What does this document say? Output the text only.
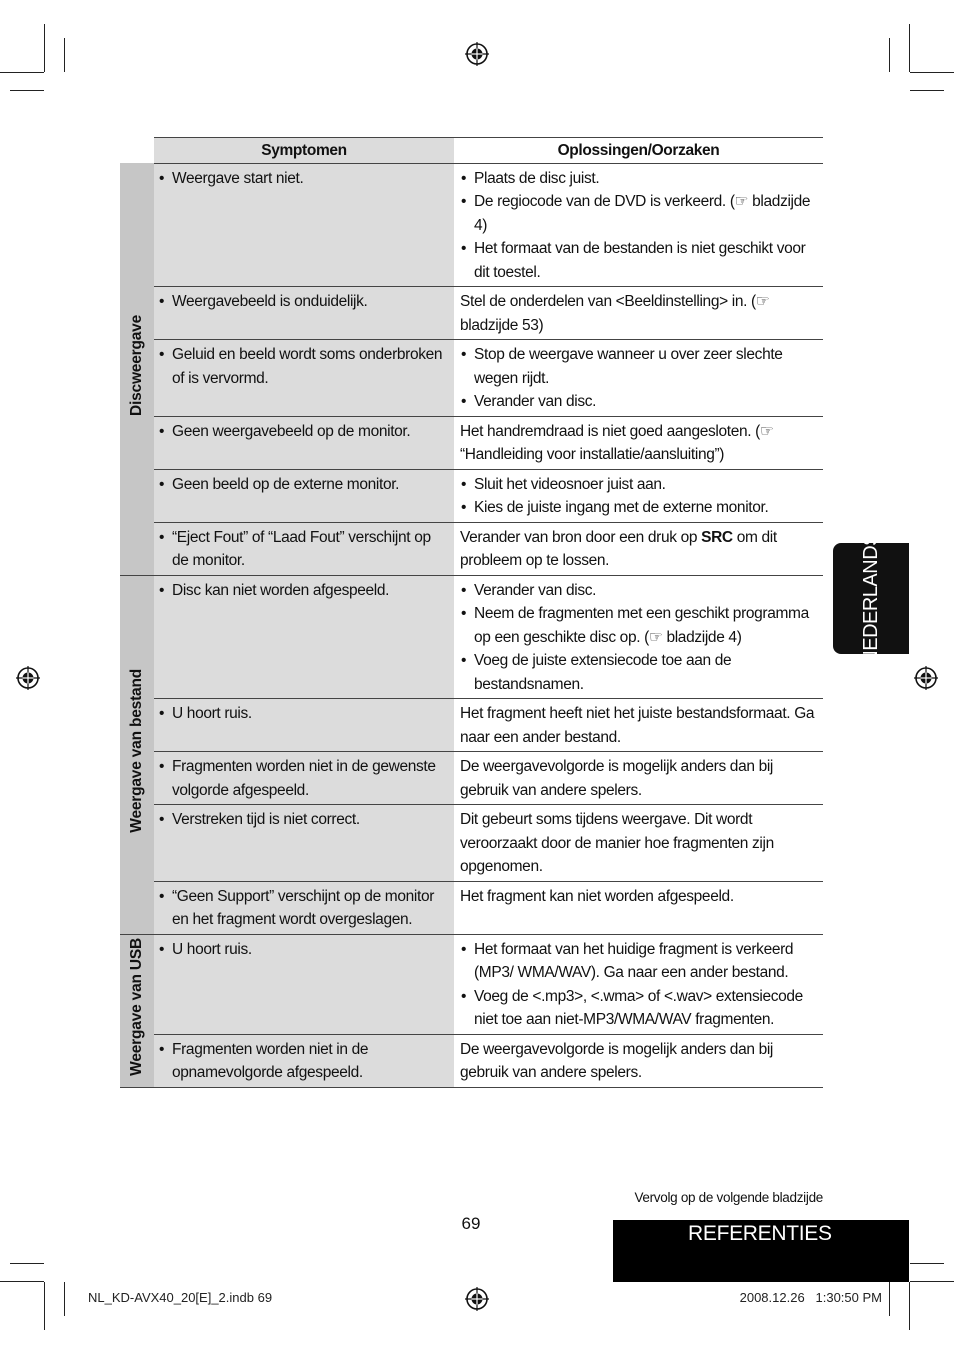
	Symptomen	Oplossingen/Oorzaken
Discweergave	• Weergave start niet.	• Plaats de disc juist.
• De regiocode van de DVD is verkeerd. (☞ bladzijde 4)
• Het formaat van de bestanden is niet geschikt voor dit toestel.

	• Weergavebeeld is onduidelijk.	Stel de onderdelen van <Beeldinstelling> in. (☞ bladzijde 53)

	• Geluid en beeld wordt soms onderbroken of is vervormd.	• Stop de weergave wanneer u over zeer slechte wegen rijdt.
• Verander van disc.

	• Geen weergavebeeld op de monitor.	Het handremdraad is niet goed aangesloten. (☞ “Handleiding voor installatie/aansluiting”)

	• Geen beeld op de externe monitor.	• Sluit het videosnoer juist aan.
• Kies de juiste ingang met de externe monitor.

	• “Eject Fout” of “Laad Fout” verschijnt op de monitor.	Verander van bron door een druk op SRC om dit probleem op te lossen.

Weergave van bestand	• Disc kan niet worden afgespeeld.	• Verander van disc.
• Neem de fragmenten met een geschikt programma op een geschikte disc op. (☞ bladzijde 4)
• Voeg de juiste extensiecode toe aan de bestandsnamen.

	• U hoort ruis.	Het fragment heeft niet het juiste bestandsformaat. Ga naar een ander bestand.

	• Fragmenten worden niet in de gewenste volgorde afgespeeld.	De weergavevolgorde is mogelijk anders dan bij gebruik van andere spelers.

	• Verstreken tijd is niet correct.	Dit gebeurt soms tijdens weergave. Dit wordt veroorzaakt door de manier hoe fragmenten zijn opgenomen.

	• “Geen Support” verschijnt op de monitor en het fragment wordt overgeslagen.	Het fragment kan niet worden afgespeeld.

Weergave van USB	• U hoort ruis.	• Het formaat van het huidige fragment is verkeerd (MP3/ WMA/WAV). Ga naar een ander bestand.
• Voeg de <.mp3>, <.wma> of <.wav> extensiecode niet toe aan niet-MP3/WMA/WAV fragmenten.

	• Fragmenten worden niet in de opnamevolgorde afgespeeld.	De weergavevolgorde is mogelijk anders dan bij gebruik van andere spelers.
NEDERLANDS
Vervolg op de volgende bladzijde
69	REFERENTIES
NL_KD-AVX40_20[E]_2.indb 69	2008.12.26   1:30:50 PM
